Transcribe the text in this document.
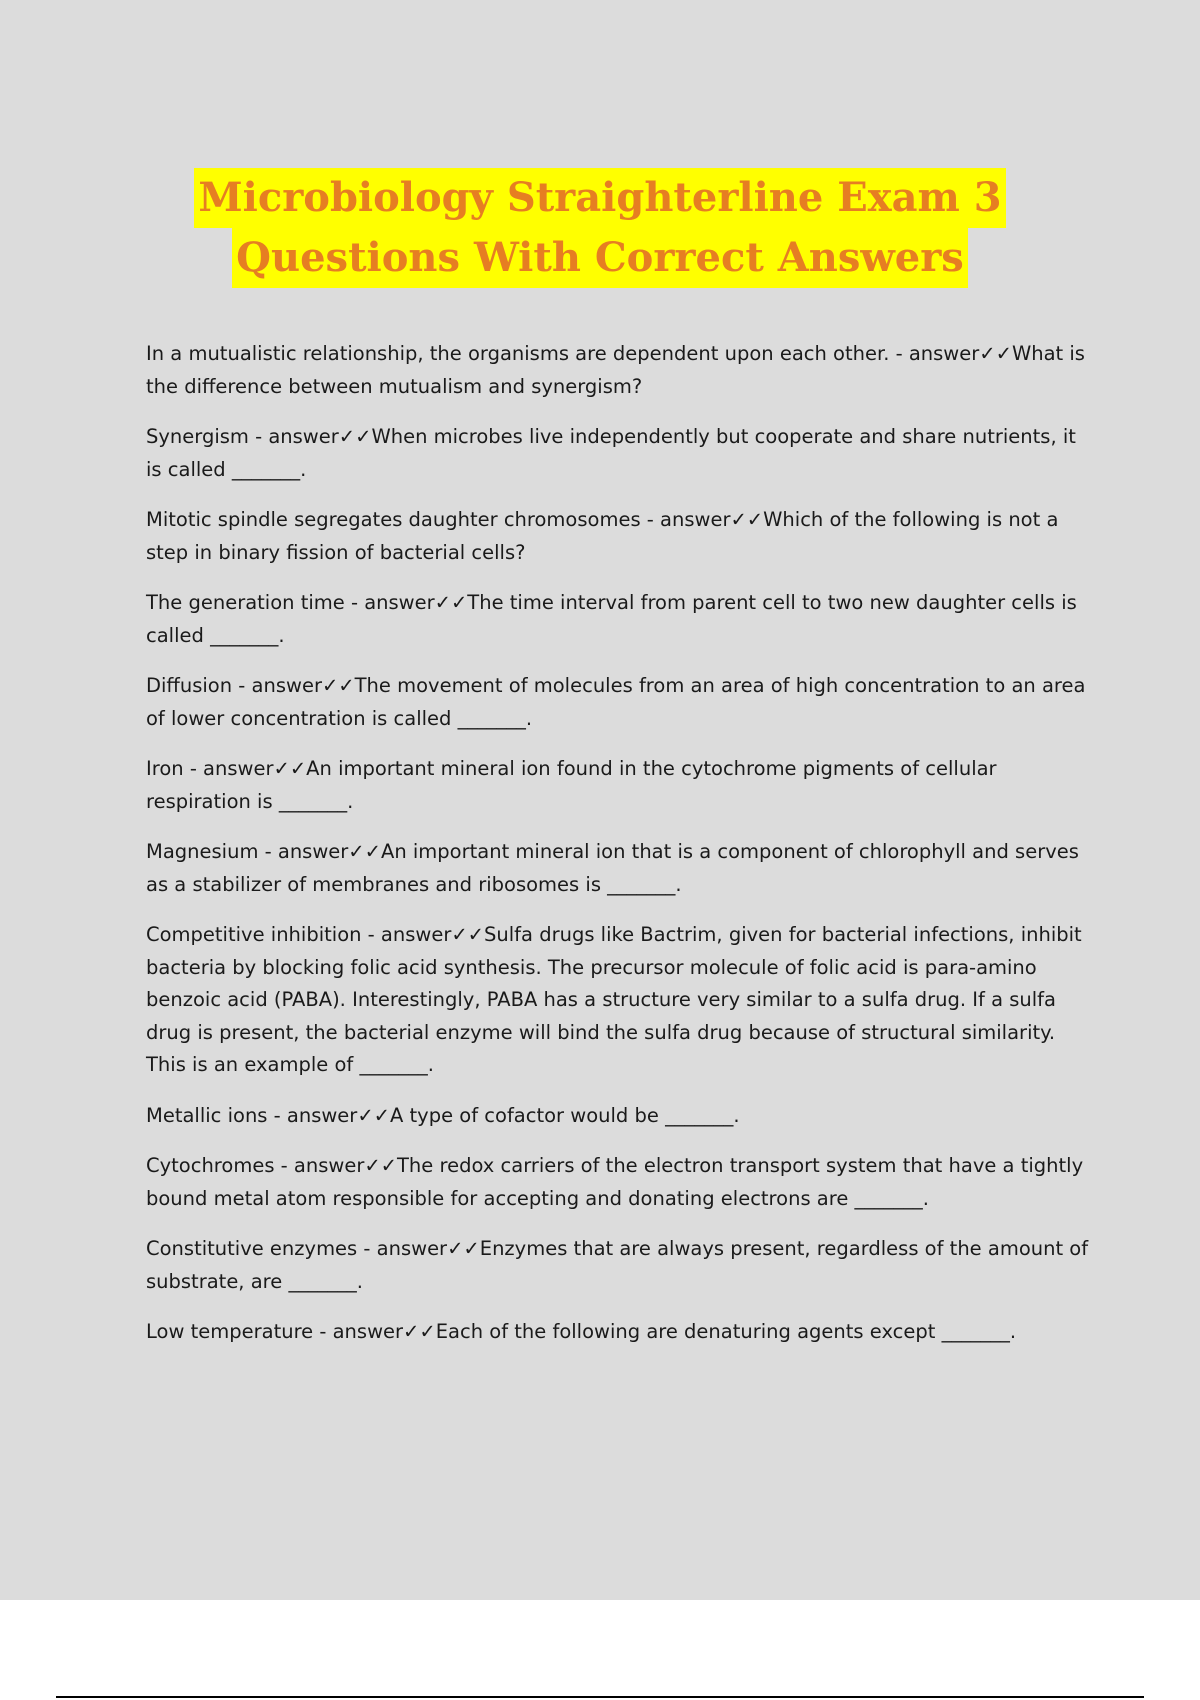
Microbiology Straighterline Exam 3
Questions With Correct Answers

In a mutualistic relationship, the organisms are dependent upon each other. - answer✓✓What is the difference between mutualism and synergism?

Synergism - answer✓✓When microbes live independently but cooperate and share nutrients, it is called _______.

Mitotic spindle segregates daughter chromosomes - answer✓✓Which of the following is not a step in binary fission of bacterial cells?

The generation time - answer✓✓The time interval from parent cell to two new daughter cells is called _______.

Diffusion - answer✓✓The movement of molecules from an area of high concentration to an area of lower concentration is called _______.

Iron - answer✓✓An important mineral ion found in the cytochrome pigments of cellular respiration is _______.

Magnesium - answer✓✓An important mineral ion that is a component of chlorophyll and serves as a stabilizer of membranes and ribosomes is _______.

Competitive inhibition - answer✓✓Sulfa drugs like Bactrim, given for bacterial infections, inhibit bacteria by blocking folic acid synthesis. The precursor molecule of folic acid is para-amino benzoic acid (PABA). Interestingly, PABA has a structure very similar to a sulfa drug. If a sulfa drug is present, the bacterial enzyme will bind the sulfa drug because of structural similarity. This is an example of _______.

Metallic ions - answer✓✓A type of cofactor would be _______.

Cytochromes - answer✓✓The redox carriers of the electron transport system that have a tightly bound metal atom responsible for accepting and donating electrons are _______.

Constitutive enzymes - answer✓✓Enzymes that are always present, regardless of the amount of substrate, are _______.

Low temperature - answer✓✓Each of the following are denaturing agents except _______.
